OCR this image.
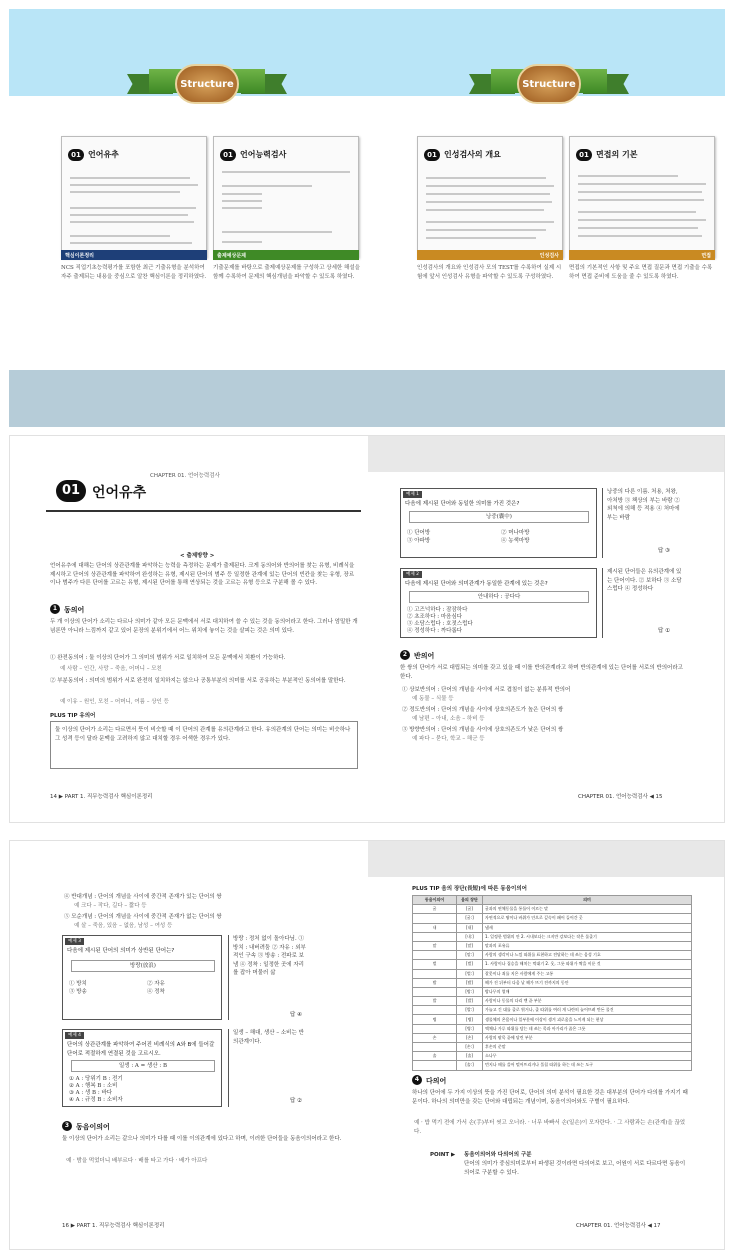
Structure	Structure
01 언어유추
핵심이론정리
NCS 직업기초능력평가를 포함한 최근 기출유형을 분석하여 자주 출제되는 내용을 중심으로 알찬 핵심이론을 정리하였다.
01 언어능력검사
출제예상문제
기출문제를 바탕으로 출제예상문제를 구성하고 상세한 해설을 함께 수록하여 문제의 핵심개념을 파악할 수 있도록 하였다.
01 인성검사의 개요
인성검사
인성검사의 개요와 인성검사 모의 TEST를 수록하여 실제 시험에 앞서 인성검사 유형을 파악할 수 있도록 구성하였다.
01 면접의 기본
면접
면접의 기본적인 사항 및 주요 면접 질문과 면접 기출을 수록하여 면접 준비에 도움을 줄 수 있도록 하였다.
CHAPTER 01. 언어능력검사
01 언어유추
< 출제방향 >
언어유추에 대해는 단어의 상관관계를 파악하는 능력을 측정하는 문제가 출제된다. 크게 동의어와 반의어를 찾는 유형, 비례식을 제시하고 단어의 상관관계를 파악하여 완성하는 유형, 제시된 단어의 범주 등 일정한 관계에 있는 단어의 빈칸을 찾는 유형, 장르이나 범주가 다른 단어를 고르는 유형, 제시된 단어를 통해 연상되는 것을 고르는 유형 등으로 구분해 볼 수 있다.
1 동의어
두 개 이상의 단어가 소리는 다르나 의미가 같아 모든 문맥에서 서로 대치하여 쓸 수 있는 것을 동의어라고 한다. 그러나 엄밀한 개념론만 아니라 느낌까지 같고 있어 문장의 분위기에서 어느 위치에 놓이는 것을 살피는 것은 의미 있다.
① 완전동의어 : 둘 이상의 단어가 그 의미의 범위가 서로 일치하여 모든 문맥에서 치환이 가능하다.
예 사람 – 인간, 사망 – 죽음, 어머니 – 모친
② 부분동의어 : 의미의 범위가 서로 완전히 일치하지는 않으나 공통부분의 의미를 서로 공유하는 부분적인 동의어를 말한다.
예 이유 – 원인, 모친 – 어머니, 여름 – 상인 등
PLUS TIP 유의어
둘 이상의 단어가 소리는 다르면서 뜻이 비슷할 때 이 단어의 관계를 유의관계라고 한다. 유의관계의 단어는 의미는 비슷하나 그 성격 등이 달라 문맥을 고려하지 않고 대치할 경우 어색한 경우가 있다.
14 ▶ PART 1. 직무능력검사 핵심이론정리
예제 1
다음에 제시된 단어와 동일한 의미를 가진 것은?
낭중(囊中)
① 단어방
③ 아파방
② 머나마방
④ 농색마방
낭중의 다른 이름. 처용, 처왕, 아처방 ③ 책상의 부는 바람 ② 외척에 의해 등 적용 ④ 처마에 부는 바람
답 ③
예제 2
다음에 제시된 단어와 의미관계가 동일한 관계에 있는 것은?
안내하다 : 공다다
① 고즈넉하다 : 잠잠하다
② 초조하다 : 마음심다
③ 소담스럽다 : 호젓스럽다
④ 정성하다 : 까다롭다
제시된 단어들은 유의관계에 있는 단어이다. ② 보하다 ③ 소담스럽다 ④ 정성하다
답 ①
2 반의어
한 쌍의 단어가 서로 대립되는 의미를 갖고 있을 때 이를 반의관계라고 하며 반의관계에 있는 단어를 서로의 반의어라고 한다.
① 상보반의어 : 단어의 개념을 사이에 서로 겹침이 없는 분류적 반의어
예 동물 – 식물 등
② 정도반의어 : 단어의 개념을 사이에 상호의존도가 높은 단어의 쌍
예 남편 – 아내, 소음 – 하비 등
③ 방향반의어 : 단어의 개념을 사이에 상호의존도가 낮은 단어의 쌍
예 파다 – 묻다, 학교 – 해군 등
CHAPTER 01. 언어능력검사 ◀ 15
④ 반대개념 : 단어의 개념을 사이에 중간적 존재가 있는 단어의 쌍
예 크다 – 작다, 길다 – 짧다 등
⑤ 모순개념 : 단어의 개념을 사이에 중간적 존재가 없는 단어의 쌍
예 살 – 죽음, 있음 – 없음, 남성 – 여성 등
예제 3
다음에 제시된 단어의 의미가 상반된 단어는?
방랑(放浪)
① 방치
③ 방송
② 자유
④ 정착
방랑 : 정처 없이 돌아다님. ① 방치 : 내버려둠 ② 자유 : 외부적인 구속 ③ 방송 : 전파로 보냄 ④ 정착 : 일정한 곳에 자리를 잡아 머물러 삶
답 ④
예제 4
단어의 상관관계를 파악하여 주어진 비례식의 A와 B에 들어갈 단어로 적절하게 연결된 것을 고르시오.
일생 : A = 생산 : B
① A : 당위기 B : 전기
② A : 행복 B : 소비
③ A : 생 B : 바다
④ A : 규정 B : 소비자
일생 – 해대, 생산 – 소비는 반의관계이다.
답 ②
3 동음이의어
둘 이상의 단어가 소리는 같으나 의미가 다를 때 이를 이의관계에 있다고 하며, 이러한 단어들을 동음이의어라고 한다.
예 · 밤을 먹었더니 배부르다 · 배를 타고 가다 · 배가 아프다
16 ▶ PART 1. 직무능력검사 핵심이론정리
PLUS TIP 음의 장단(長短)에 따른 동음이의어
동음이의어	음의 장단	의미
굴	[굴]	굴과의 연체동물을 통틀어 이르는 말
	[굴:]	자연적으로 땅이나 바위가 안으로 깊숙이 패어 들어간 곳
내	[내]	냄새
	[내:]	1. 일정한 범위의 안 2. 시내보다는 크지만 강보다는 작은 물줄기
말	[말]	말과의 포유류
	[말:]	사람의 생각이나 느낌 따위를 표현하고 전달하는 데 쓰는 음성 기호
벌	[벌]	1. 사람이나 집승을 해치는 먹대기 2. 옷, 그릇 따위가 짝을 이룬 것
	[벌:]	잘못이나 죄를 지은 사람에게 주는 고통
밤	[밤]	해가 진 뒤부터 다음 날 해가 뜨기 전까지의 동안
	[밤:]	밤나무의 열매
발	[발]	사람이나 동물의 다리 맨 끝 부분
	[발:]	가늘고 긴 대를 줄로 엮거나, 줄 따위를 여러 개 나란히 늘어뜨려 만든 물건
병	[병]	생물체의 온몸이나 일부분에 이상이 생겨 괴로움을 느끼게 되는 현상
	[병:]	액체나 가루 따위를 담는 데 쓰는 목과 아가리가 좁은 그릇
손	[손]	사람의 팔목 끝에 달린 부분
	[손:]	후손의 준말
솔	[솔]	소나무
	[솔:]	먼지나 때를 쓸어 떨어뜨리거나 풀칠 따위를 하는 데 쓰는 도구
4 다의어
하나의 단어에 두 가지 이상의 뜻을 가진 단어로, 단어의 의미 분석이 필요한 것은 대부분의 단어가 다의를 가지기 때문이다. 하나의 의미만을 갖는 단어와 대립되는 개념이며, 동음이의어와도 구별이 필요하다.
예 · 밥 먹기 전에 가서 손(手)부터 씻고 오너라. · 너무 바빠서 손(일손)이 모자란다. · 그 사람과는 손(관계)을 끊었다.
POINT ▶ 동음이의어와 다의어의 구분
단어의 의미가 중심의미로부터 파생된 것이라면 다의어로 보고, 어원이 서로 다르다면 동음이의어로 구분할 수 있다.
CHAPTER 01. 언어능력검사 ◀ 17
